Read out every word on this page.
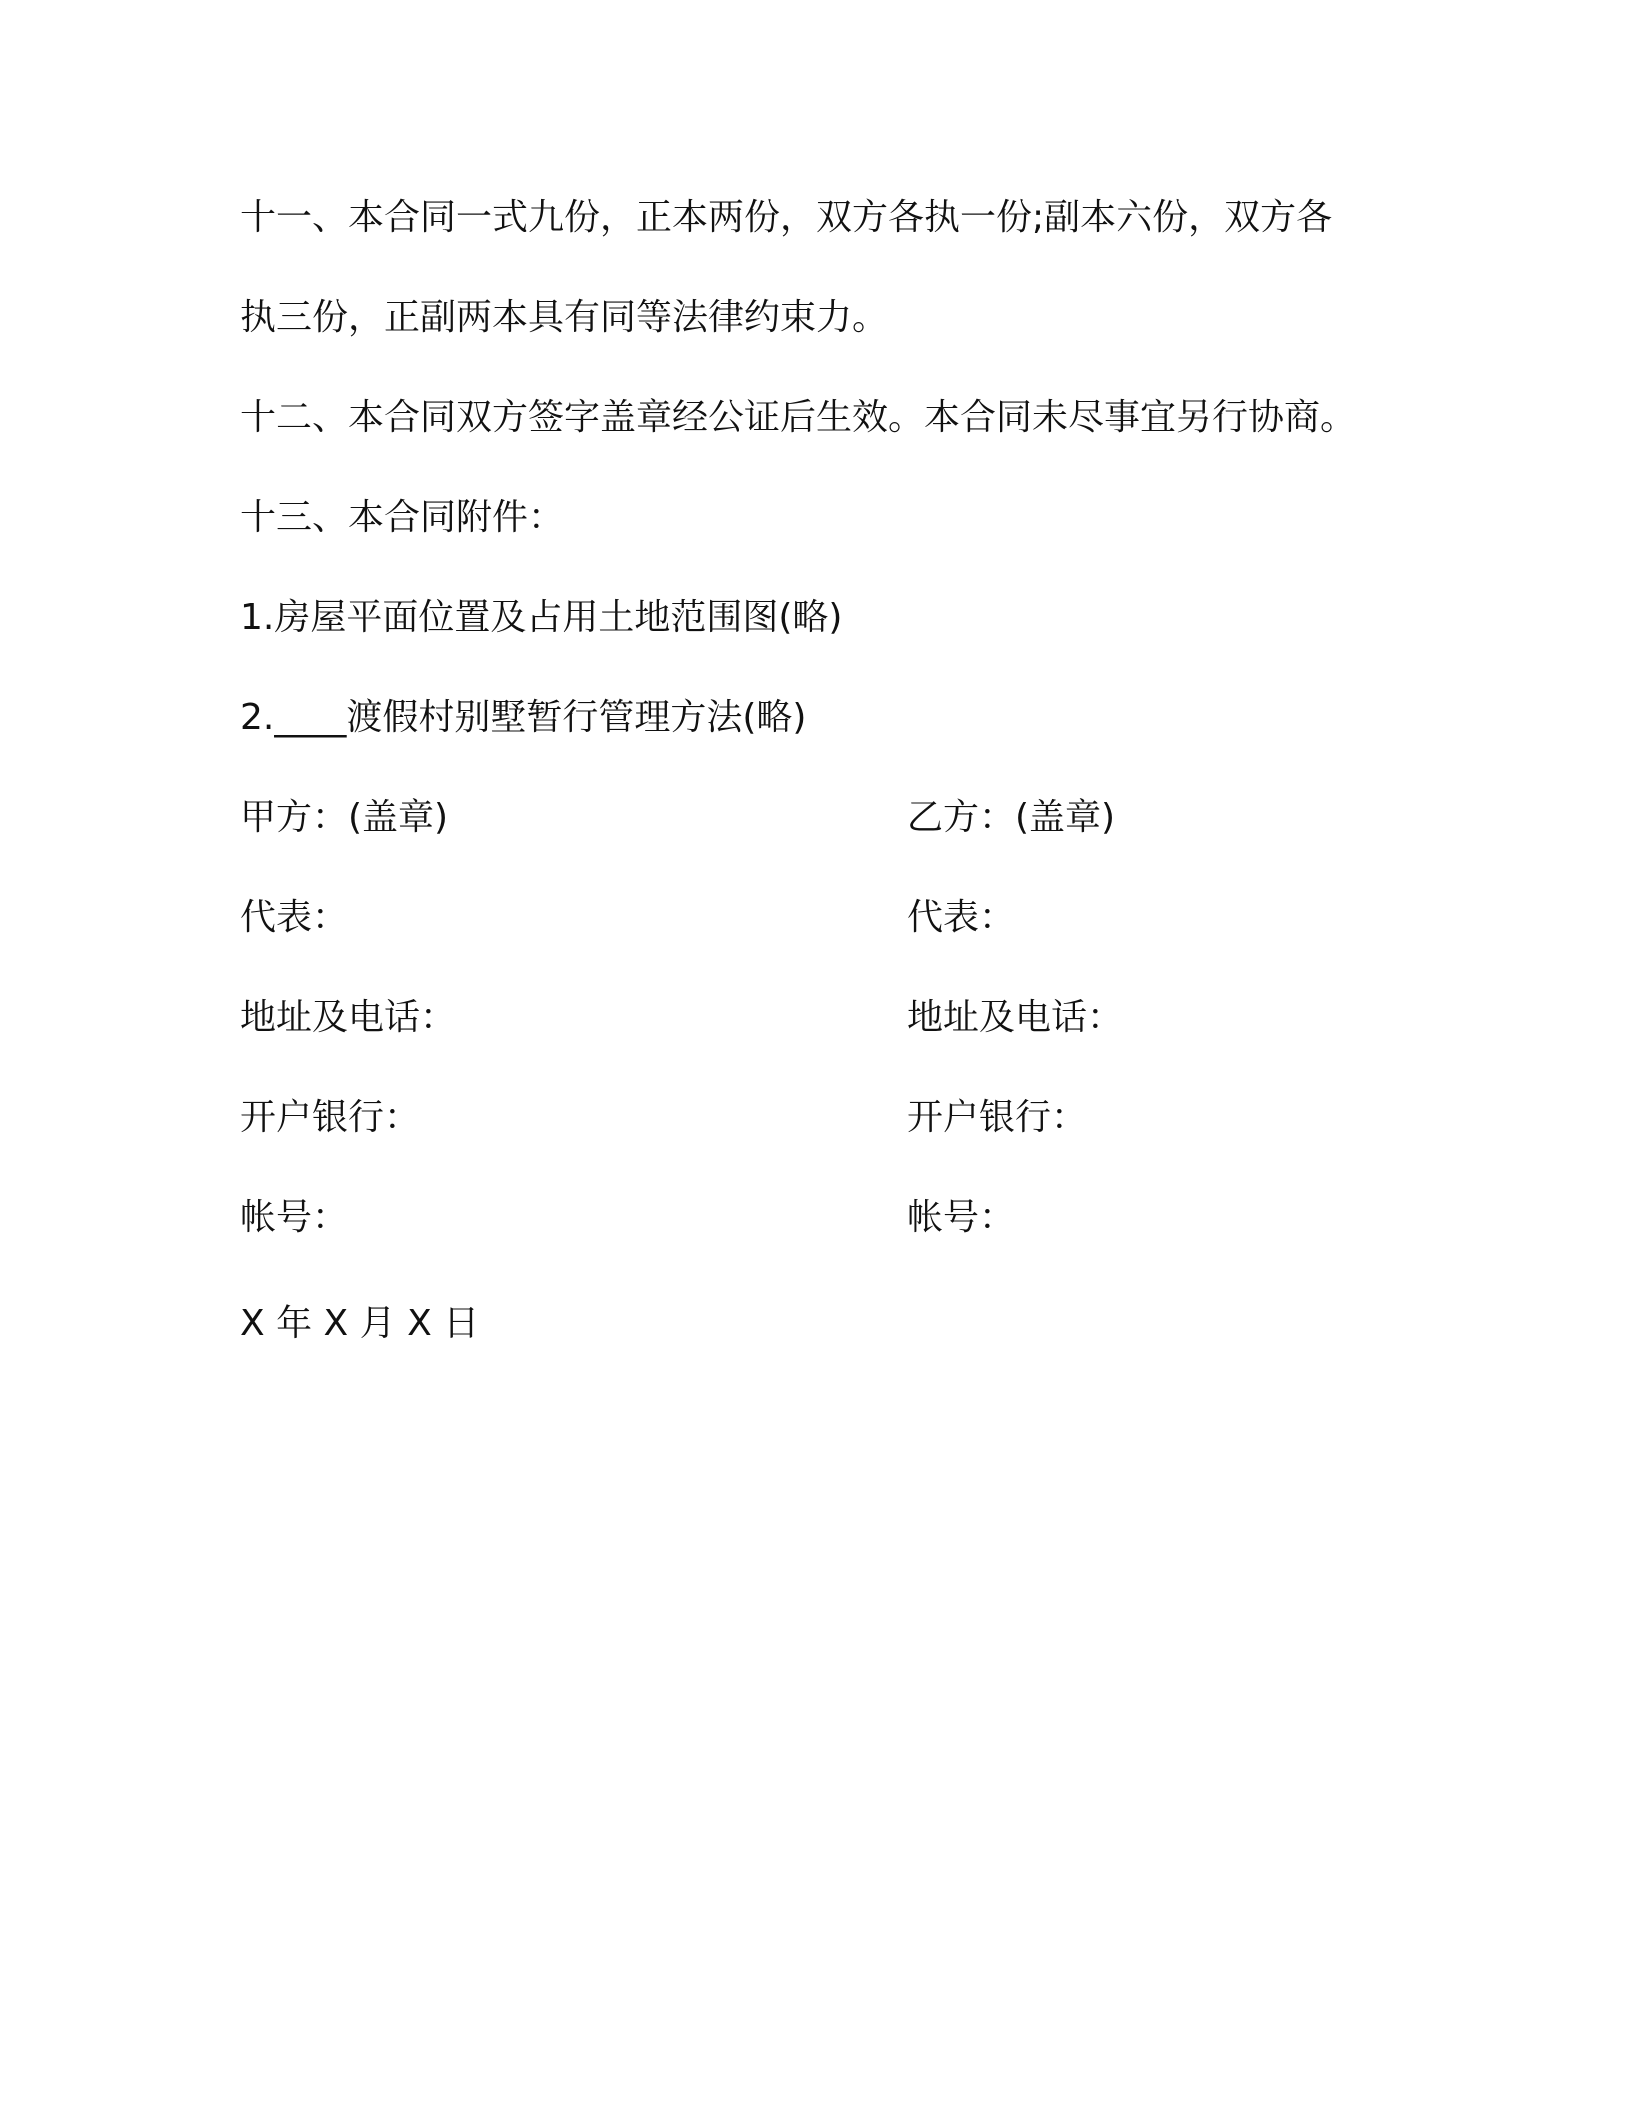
十一、本合同一式九份，正本两份，双方各执一份;副本六份，双方各
执三份，正副两本具有同等法律约束力。
十二、本合同双方签字盖章经公证后生效。本合同未尽事宜另行协商。
十三、本合同附件：
1.房屋平面位置及占用土地范围图(略)
2.____渡假村别墅暂行管理方法(略)
甲方：(盖章)	乙方：(盖章)
代表：	代表：
地址及电话：	地址及电话：
开户银行：	开户银行：
帐号：	帐号：
X 年 X 月 X 日
